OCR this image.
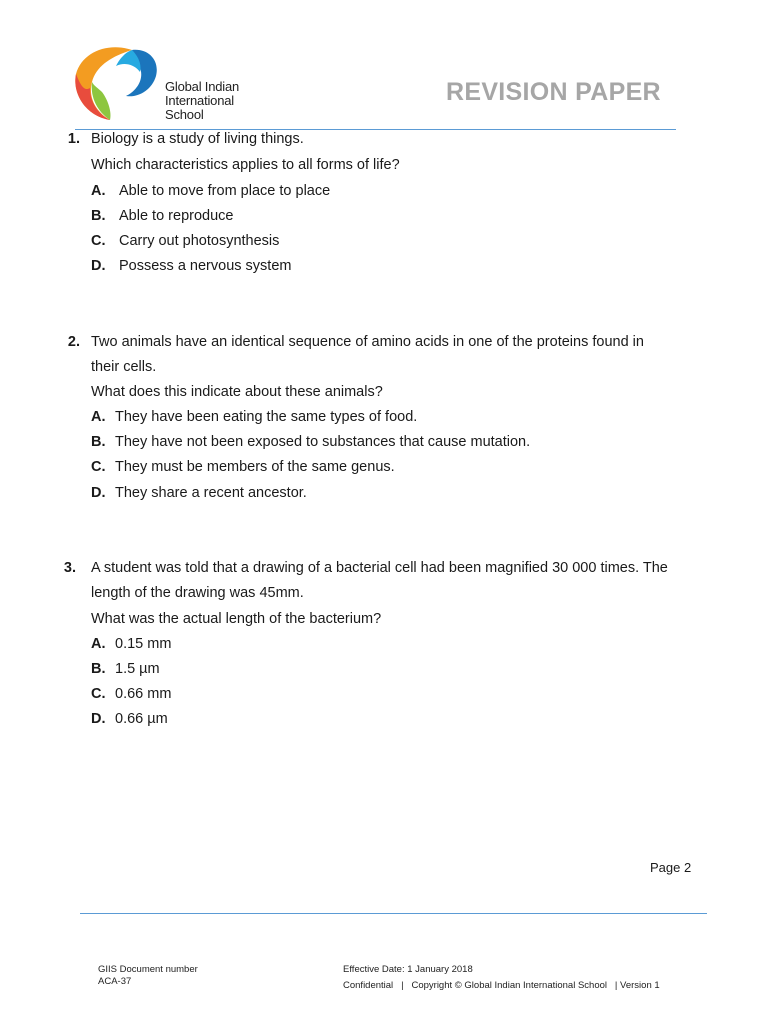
Global Indian
International
School
REVISION PAPER
1. Biology is a study of living things.
Which characteristics applies to all forms of life?
A. Able to move from place to place
B. Able to reproduce
C. Carry out photosynthesis
D. Possess a nervous system
2. Two animals have an identical sequence of amino acids in one of the proteins found in
their cells.
What does this indicate about these animals?
A. They have been eating the same types of food.
B. They have not been exposed to substances that cause mutation.
C. They must be members of the same genus.
D. They share a recent ancestor.
3. A student was told that a drawing of a bacterial cell had been magnified 30 000 times. The
length of the drawing was 45mm.
What was the actual length of the bacterium?
A. 0.15 mm
B. 1.5 µm
C. 0.66 mm
D. 0.66 µm
Page 2
GIIS Document number
ACA-37
Effective Date: 1 January 2018
Confidential   |   Copyright © Global Indian International School   | Version 1
